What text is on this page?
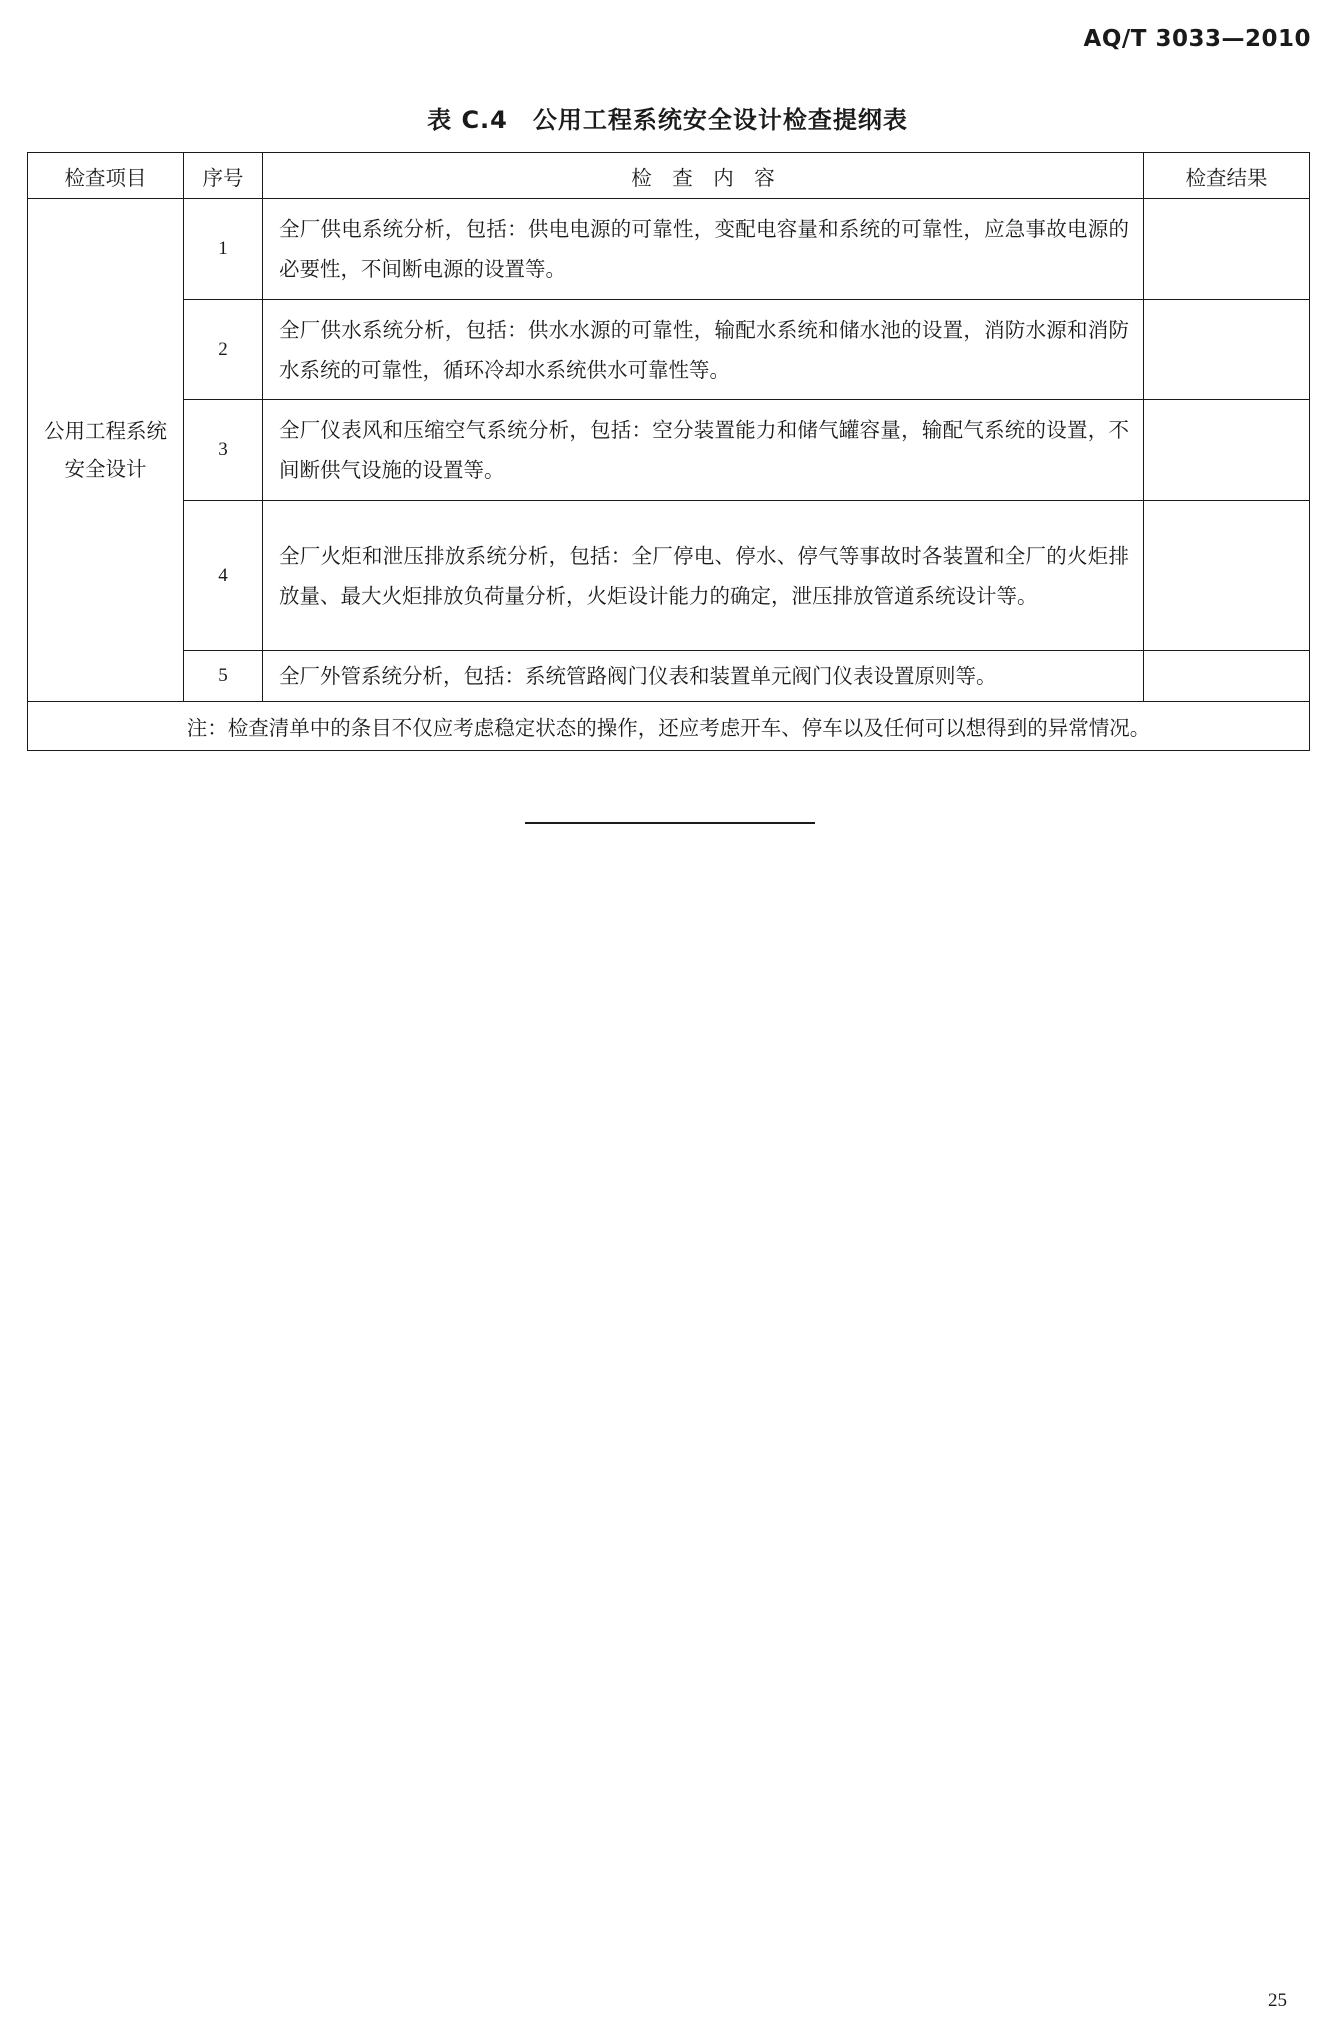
AQ/T 3033—2010
表 C.4　公用工程系统安全设计检查提纲表
检查项目	序号	检　查　内　容	检查结果
公用工程系统安全设计	1	全厂供电系统分析，包括：供电电源的可靠性，变配电容量和系统的可靠性，应急事故电源的必要性，不间断电源的设置等。	
	2	全厂供水系统分析，包括：供水水源的可靠性，输配水系统和储水池的设置，消防水源和消防水系统的可靠性，循环冷却水系统供水可靠性等。	
	3	全厂仪表风和压缩空气系统分析，包括：空分装置能力和储气罐容量，输配气系统的设置，不间断供气设施的设置等。	
	4	全厂火炬和泄压排放系统分析，包括：全厂停电、停水、停气等事故时各装置和全厂的火炬排放量、最大火炬排放负荷量分析，火炬设计能力的确定，泄压排放管道系统设计等。	
	5	全厂外管系统分析，包括：系统管路阀门仪表和装置单元阀门仪表设置原则等。	
注：检查清单中的条目不仅应考虑稳定状态的操作，还应考虑开车、停车以及任何可以想得到的异常情况。			
25
